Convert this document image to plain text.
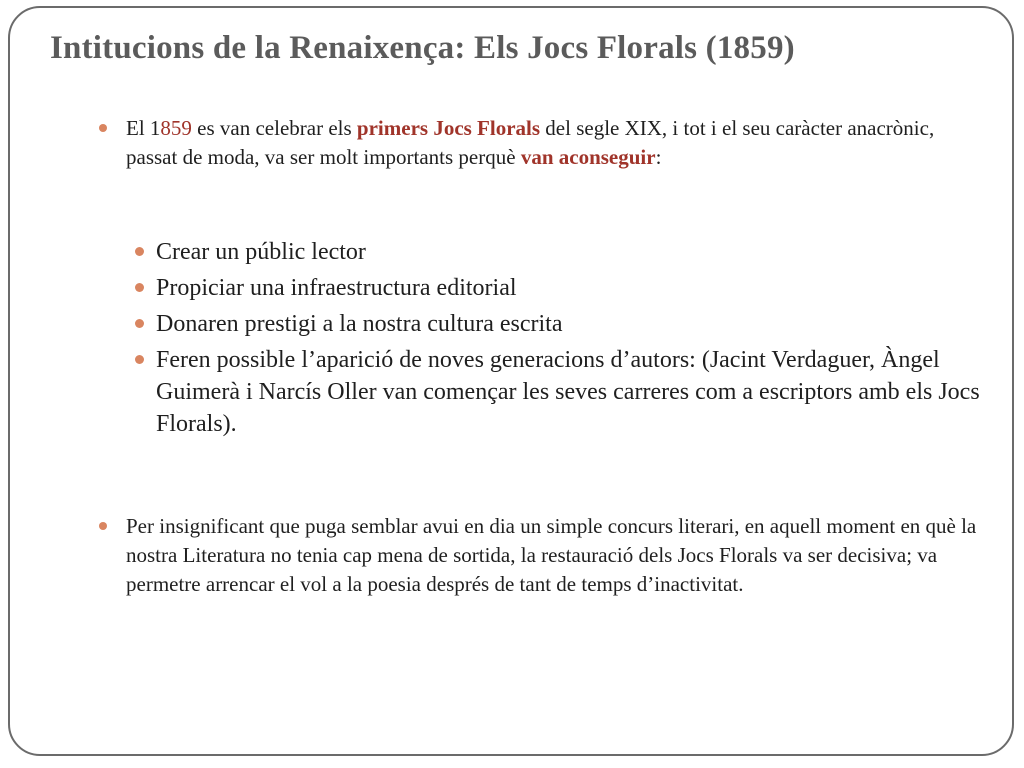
Intitucions de la Renaixença: Els Jocs Florals (1859)
El 1859 es van celebrar els primers Jocs Florals del segle XIX, i tot i el seu caràcter anacrònic, passat de moda, va ser molt importants perquè van aconseguir:
Crear un públic lector
Propiciar una infraestructura editorial
Donaren prestigi a la nostra cultura escrita
Feren possible l’aparició de noves generacions d’autors: (Jacint Verdaguer, Àngel Guimerà i Narcís Oller van començar les seves carreres com a escriptors amb els Jocs Florals).
Per insignificant que puga semblar avui en dia un simple concurs literari, en aquell moment en què la nostra Literatura no tenia cap mena de sortida, la restauració dels Jocs Florals va ser decisiva; va permetre arrencar el vol a la poesia després de tant de temps d’inactivitat.
